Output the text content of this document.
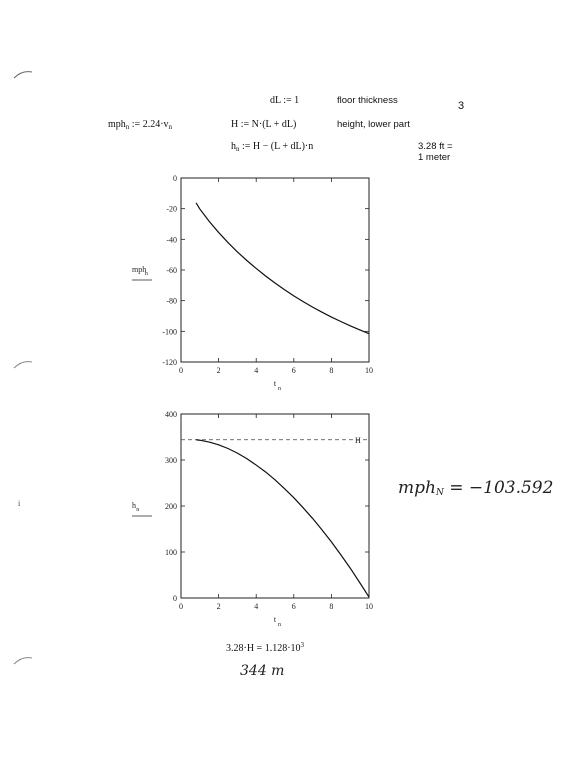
3
dL := 1	floor thickness
mph$_n$ := $2.24\cdot v_n$	H := N·(L + dL)	height, lower part
$h_n$ := H − (L + dL)·n	3.28 ft =
1 meter
0	2	4	6	8	10
0
-20
-40
-60
-80
-100
-120
t
n
mph
n
0	2	4	6	8	10
0
100
200
300
400
H
t
n
h n
$3.28\cdot H = 1.128\cdot 10^3$
mph$_N$ = −103.592
344 m
i
